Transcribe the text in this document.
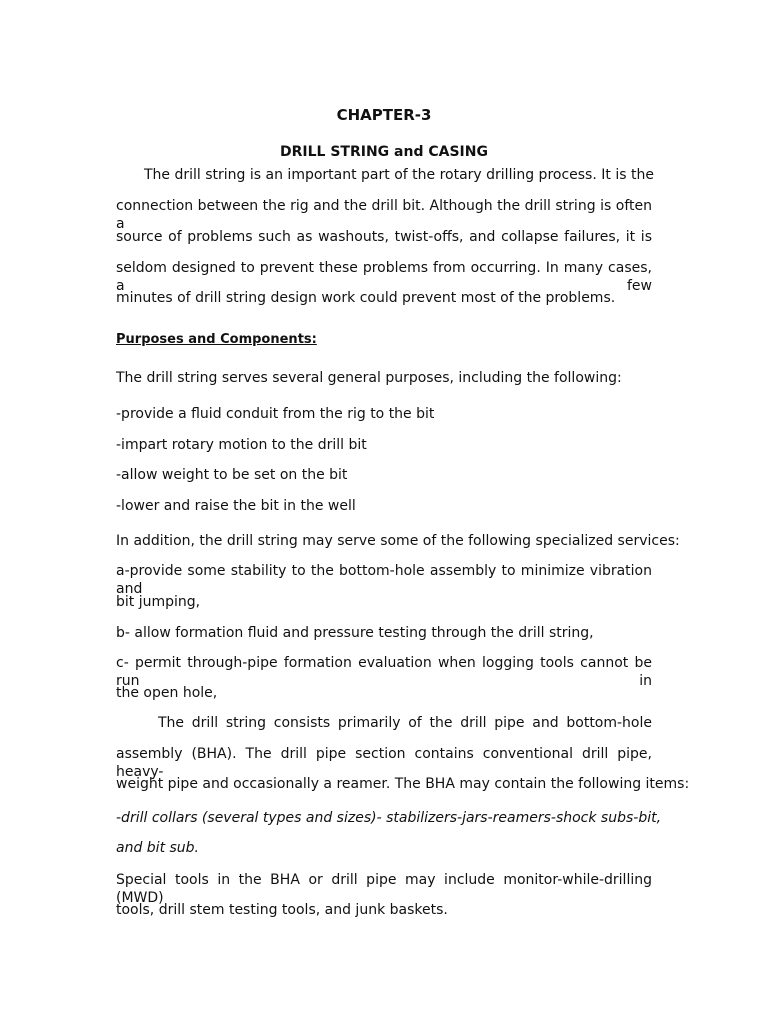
CHAPTER-3
DRILL STRING and CASING
The drill string is an important part of the rotary drilling process. It is the
connection between the rig and the drill bit. Although the drill string is often a
source of problems such as washouts, twist-offs, and collapse failures, it is
seldom designed to prevent these problems from occurring. In many cases, a few
minutes of drill string design work could prevent most of the problems.
Purposes and Components:
The drill string serves several general purposes, including the following:
-provide a fluid conduit from the rig to the bit
-impart rotary motion to the drill bit
-allow weight to be set on the bit
-lower and raise the bit in the well
In addition, the drill string may serve some of the following specialized services:
a-provide some stability to the bottom-hole assembly to minimize vibration and
bit jumping,
b- allow formation fluid and pressure testing through the drill string,
c- permit through-pipe formation evaluation when logging tools cannot be run in
the open hole,
The drill string consists primarily of the drill pipe and bottom-hole
assembly (BHA). The drill pipe section contains conventional drill pipe, heavy-
weight pipe and occasionally a reamer. The BHA may contain the following items:
-drill collars (several types and sizes)- stabilizers-jars-reamers-shock subs-bit,
and bit sub.
Special tools in the BHA or drill pipe may include monitor-while-drilling (MWD)
tools, drill stem testing tools, and junk baskets.
